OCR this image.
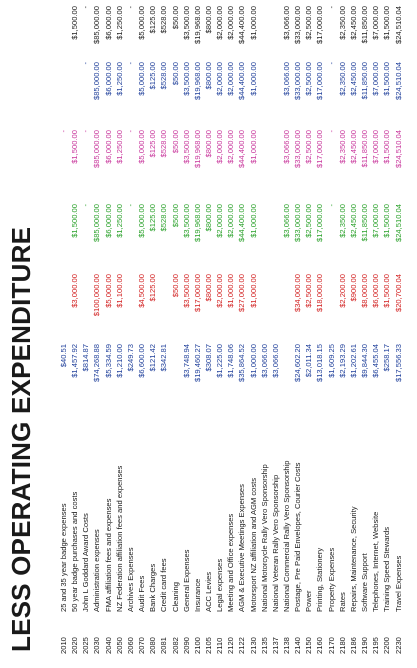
LESS OPERATING EXPENDITURE	2010
25 and 35 year badge expenses
$40.51
-
2020
50 year badge purchases and costs
$1,457.92
$3,000.00
$1,500.00
$1,500.00
$1,500.00
2025
John L Goddard Award Costs
$814.87
-
-
-
-
2030
Administration expenses
$74,268.88
$100,000.00
$85,000.00
$85,000.00
$85,000.00
$85,000.00
2040
FMA affiliation fees and expenses
$5,334.59
$5,000.00
$6,000.00
$6,000.00
$6,000.00
$6,000.00
2050
NZ Federation affiliation fees and expenses
$1,210.00
$1,100.00
$1,250.00
$1,250.00
$1,250.00
$1,250.00
2060
Archives Expenses
$249.73
-
-
-
-
2070
Audit Fees
$6,600.00
$4,500.00
$5,000.00
$5,000.00
$5,000.00
$5,000.00
2080
Bank Charges
$121.42
$125.00
$125.00
$125.00
$125.00
$125.00
2081
Credit card fees
$342.81
$528.00
$528.00
$528.00
$528.00
2082
Cleaning
$50.00
$50.00
$50.00
$50.00
$50.00
2090
General Expenses
$3,748.94
$3,500.00
$3,500.00
$3,500.00
$3,500.00
$3,500.00
2100
Insurance
$19,460.27
$17,000.00
$19,968.00
$19,968.00
$19,968.00
$19,968.00
2105
ACC Levies
$308.07
$800.00
$800.00
$800.00
$800.00
$800.00
2110
Legal expenses
$1,225.00
$2,000.00
$2,000.00
$2,000.00
$2,000.00
$2,000.00
2120
Meeting and Office expenses
$1,748.06
$1,000.00
$2,000.00
$2,000.00
$2,000.00
$2,000.00
2122
AGM & Executive Meetings Expenses
$35,864.52
$27,000.00
$44,400.00
$44,400.00
$44,400.00
$44,400.00
2130
Motorsport NZ affiliation and AGM costs
$1,000.00
$1,000.00
$1,000.00
$1,000.00
$1,000.00
$1,000.00
2135
National Motorcycle Rally Vero Sponsorship
$3,066.00
2137
National Veteran Rally Vero Sponsorship
$3,066.00
2138
National Commercial Rally Vero Sponsorship
$3,066.00
$3,066.00
$3,066.00
$3,066.00
2140
Postage, Pre Paid Envelopes, Courier Costs
$24,602.20
$34,000.00
$33,000.00
$33,000.00
$33,000.00
$33,000.00
2150
Power
$2,011.34
$2,500.00
$2,500.00
$2,500.00
$2,500.00
$2,500.00
2160
Printing, Stationery
$13,018.15
$18,000.00
$17,000.00
$17,000.00
$17,000.00
$17,000.00
2170
Property Expenses
$1,609.25
-
-
-
-
2180
Rates
$2,193.29
$2,200.00
$2,350.00
$2,350.00
$2,350.00
$2,350.00
2186
Repairs, Maintenance, Security
$1,202.61
$900.00
$2,450.00
$2,450.00
$2,450.00
$2,450.00
2190
Software Support
$9,844.30
$8,000.00
$11,850.00
$11,850.00
$11,850.00
$11,850.00
2195
Telephones, Internet, Website
$6,455.04
$6,000.00
$7,000.00
$7,000.00
$7,000.00
$7,000.00
2200
Training Speed Stewards
$258.17
$1,500.00
$1,500.00
$1,500.00
$1,500.00
$1,500.00
2230
Travel Expenses
$17,556.33
$20,700.04
$24,510.04
$24,510.04
$24,510.04
$24,510.04
